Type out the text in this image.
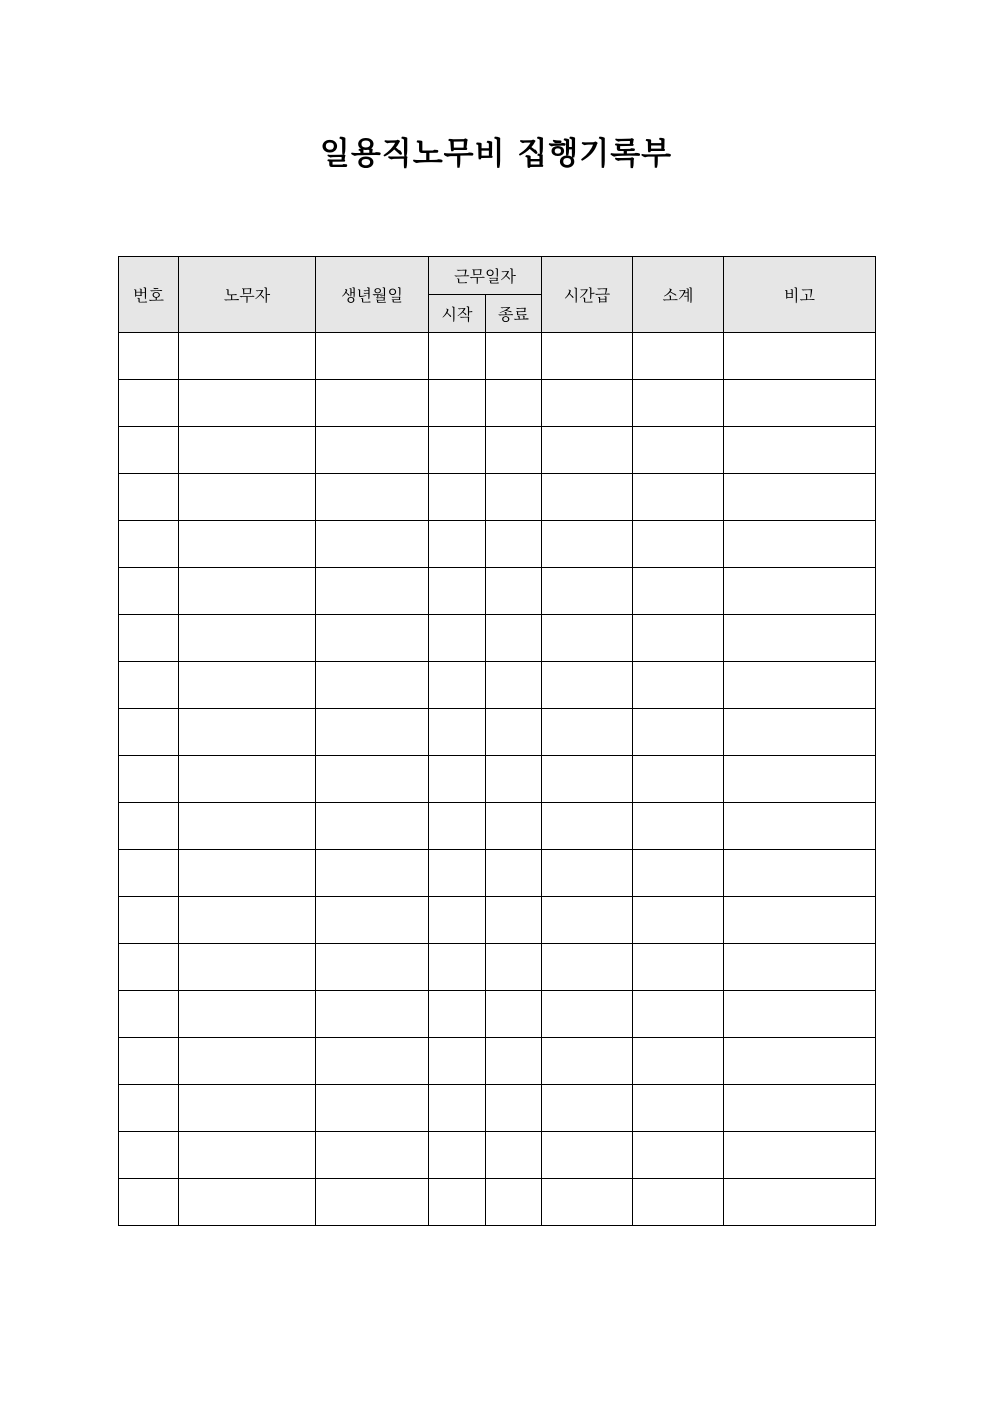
일용직노무비 집행기록부
번호	노무자	생년월일	근무일자		시간급	소계	비고
			시작	종료			
